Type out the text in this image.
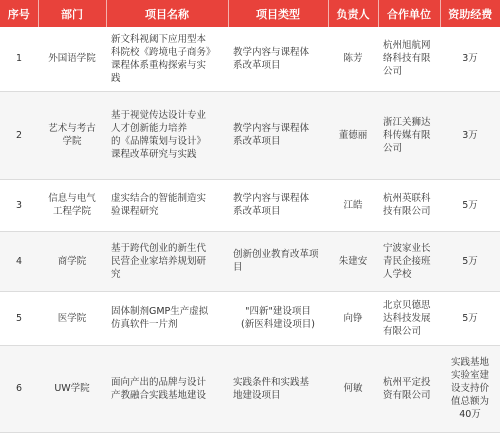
序号	部门	项目名称	项目类型	负责人	合作单位	资助经费
1	外国语学院	新文科视阈下应用型本
科院校《跨境电子商务》
课程体系重构探索与实
践	教学内容与课程体
系改革项目	陈芳	杭州旭航网
络科技有限
公司	3万
2	艺术与考古
学院	基于视觉传达设计专业
人才创新能力培养
的《品牌策划与设计》
课程改革研究与实践	教学内容与课程体
系改革项目	董德丽	浙江关狮达
科传媒有限
公司	3万
3	信息与电气
工程学院	虚实结合的智能制造实
验课程研究	教学内容与课程体
系改革项目	江皓	杭州英联科
技有限公司	5万
4	商学院	基于跨代创业的新生代
民营企业家培养规划研
究	创新创业教育改革项目	朱建安	宁波家业长
青民企接班
人学校	5万
5	医学院	固体制剂GMP生产虚拟
仿真软件一片剂	"四新"建设项目
(新医科建设项目)	向铮	北京贝德思
达科技发展
有限公司	5万
6	UW学院	面向产出的品牌与设计
产教融合实践基地建设	实践条件和实践基
地建设项目	何敏	杭州平定投
资有限公司	实践基地
实验室建
设支持价
值总额为
40万
